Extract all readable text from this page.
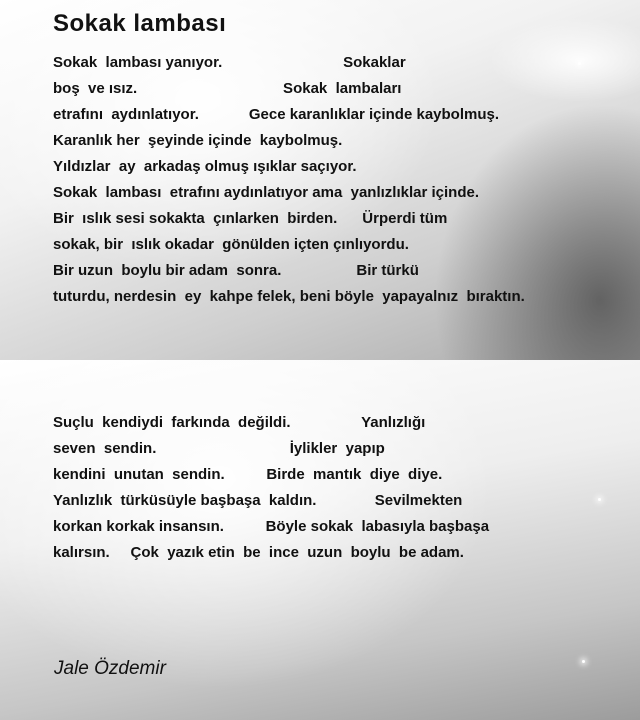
Sokak lambası
Sokak  lambası yanıyor.                             Sokaklar
boş  ve ısız.                                   Sokak  lambaları
etrafını  aydınlatıyor.            Gece karanlıklar içinde kaybolmuş.
Karanlık her  şeyinde içinde  kaybolmuş.
Yıldızlar  ay  arkadaş olmuş ışıklar saçıyor.
Sokak  lambası  etrafını aydınlatıyor ama  yanlızlıklar içinde.
Bir  ıslık sesi sokakta  çınlarken  birden.      Ürperdi tüm
sokak, bir  ıslık okadar  gönülden içten çınlıyordu.
Bir uzun  boylu bir adam  sonra.                  Bir türkü
tuturdu, nerdesin  ey  kahpe felek, beni böyle  yapayalnız  bıraktın.
Suçlu  kendiydi  farkında  değildi.                 Yanlızlığı
seven  sendin.                                İylikler  yapıp
kendini  unutan  sendin.          Birde  mantık  diye  diye.
Yanlızlık  türküsüyle başbaşa  kaldın.              Sevilmekten
korkan korkak insansın.          Böyle sokak  labasıyla başbaşa
kalırsın.     Çok  yazık etin  be  ince  uzun  boylu  be adam.
Jale Özdemir
